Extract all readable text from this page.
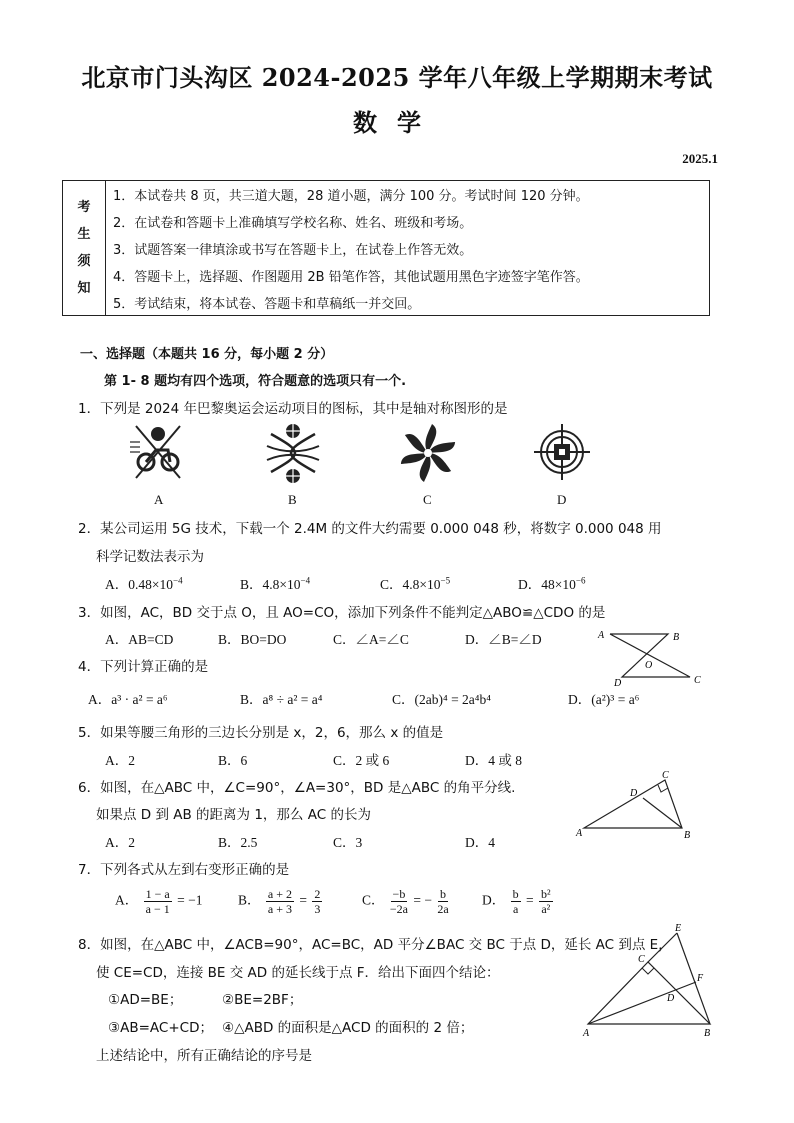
北京市门头沟区 2024-2025 学年八年级上学期期末考试
数学
2025.1
考
生
须
知
1．本试卷共 8 页，共三道大题，28 道小题，满分 100 分。考试时间 120 分钟。
2．在试卷和答题卡上准确填写学校名称、姓名、班级和考场。
3．试题答案一律填涂或书写在答题卡上，在试卷上作答无效。
4．答题卡上，选择题、作图题用 2B 铅笔作答，其他试题用黑色字迹签字笔作答。
5．考试结束，将本试卷、答题卡和草稿纸一并交回。
一、选择题（本题共 16 分，每小题 2 分）
第 1- 8 题均有四个选项，符合题意的选项只有一个.
1．下列是 2024 年巴黎奥运会运动项目的图标，其中是轴对称图形的是
A	B	C	D
2．某公司运用 5G 技术，下载一个 2.4M 的文件大约需要 0.000 048 秒，将数字 0.000 048 用
科学记数法表示为
A．$0.48\times 10^{-4}$	B．$4.8\times 10^{-4}$	C．$4.8\times 10^{-5}$	D．$48\times 10^{-6}$
3．如图，AC，BD 交于点 O，且 AO=CO，添加下列条件不能判定△ABO≌△CDO 的是
A．AB=CD	B．BO=DO	C．∠A=∠C	D．∠B=∠D	A	B
O
D	C
4．下列计算正确的是
A．a³ · a² = a⁶	B．a⁸ ÷ a² = a⁴	C．(2ab)⁴ = 2a⁴b⁴	D．(a²)³ = a⁶
5．如果等腰三角形的三边长分别是 x，2，6，那么 x 的值是
A．2	B．6	C．2 或 6	D．4 或 8
6．如图，在△ABC 中，∠C=90°，∠A=30°，BD 是△ABC 的角平分线.
如果点 D 到 AB 的距离为 1，那么 AC 的长为
A．2	B．2.5	C．3	D．4
C
D
A	B
7．下列各式从左到右变形正确的是
A． $\frac{1 - a}{a - 1} = -1$	B． $\frac{a + 2}{a + 3} = \frac{2}{3}$	C． $\frac{-b}{-2a}$ = − $\frac{b}{2a}$ D． $\frac{b}{a} = \frac{\text{b²}}{\text{a²}}$
8．如图，在△ABC 中，∠ACB=90°，AC=BC，AD 平分∠BAC 交 BC 于点 D，延长 AC 到点 E，
使 CE=CD，连接 BE 交 AD 的延长线于点 F．给出下面四个结论：
①AD=BE；	②BE=2BF；
③AB=AC+CD； ④△ABD 的面积是△ACD 的面积的 2 倍；
上述结论中，所有正确结论的序号是
E
C
F
D
A	B
